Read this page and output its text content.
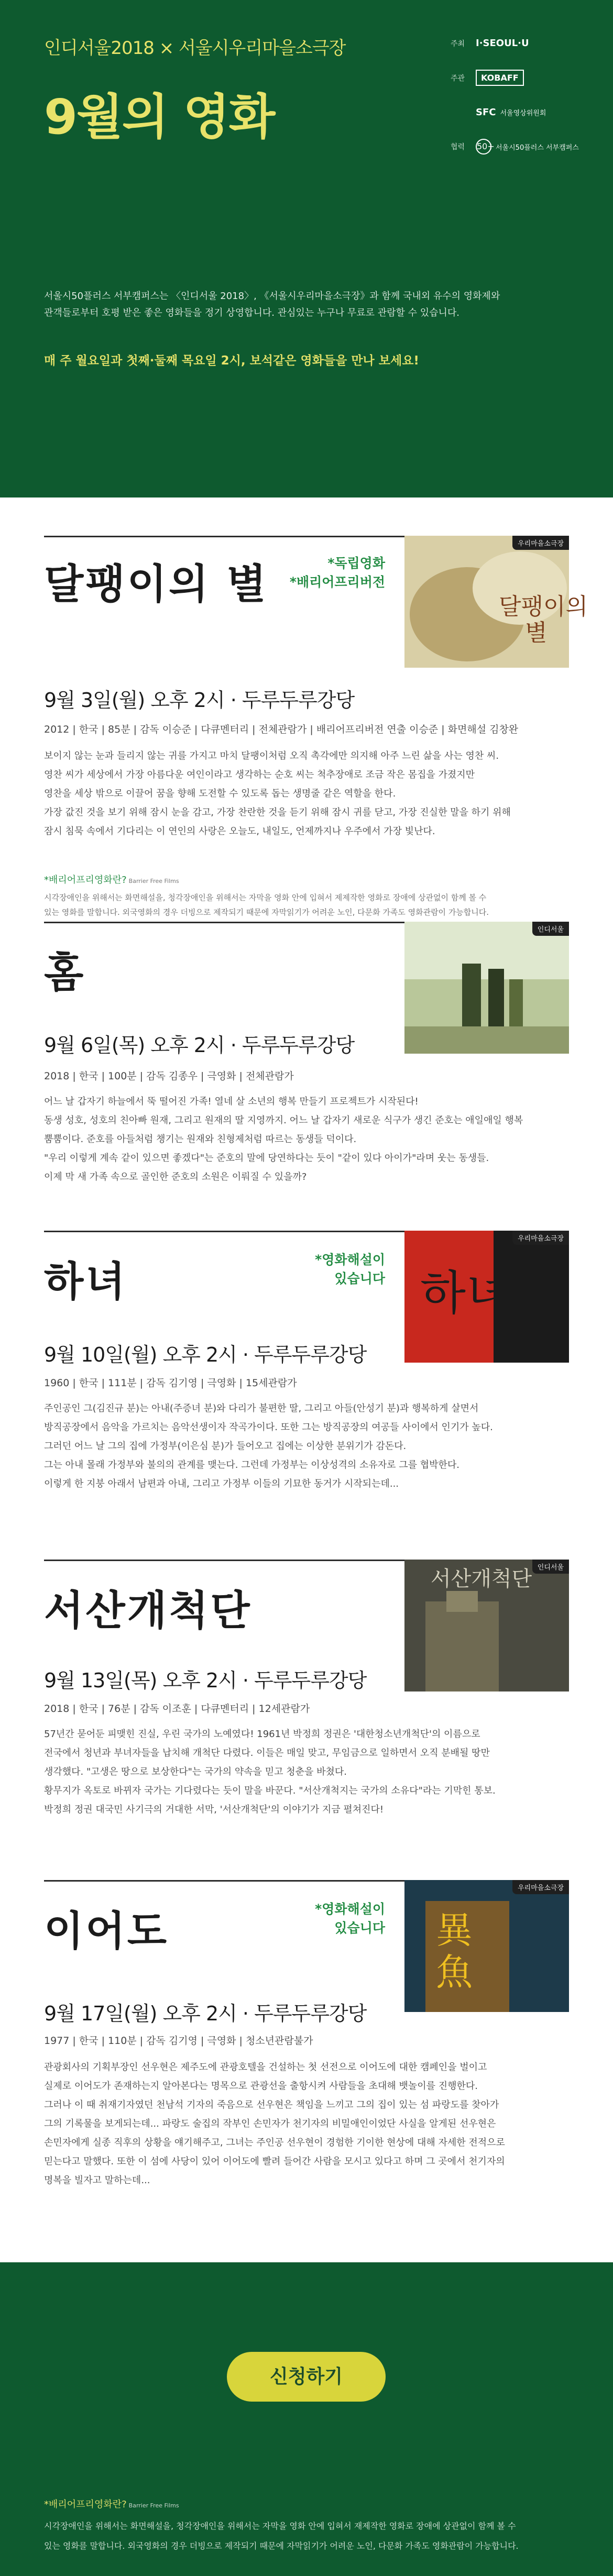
인디서울2018 × 서울시우리마을소극장
9월의 영화
주최	I·SEOUL·U
주관	KOBAFF
SFC 서울영상위원회
협력	50+ 서울시50플러스 서부캠퍼스
서울시50플러스 서부캠퍼스는 〈인디서울 2018〉, 《서울시우리마을소극장》과 함께 국내외 유수의 영화제와
관객들로부터 호평 받은 좋은 영화들을 정기 상영합니다. 관심있는 누구나 무료로 관람할 수 있습니다.
매 주 월요일과 첫째·둘째 목요일 2시, 보석같은 영화들을 만나 보세요!
달팽이의 별	*독립영화
*배리어프리버전
달팽이의
별
우리마을소극장
9월 3일(월) 오후 2시 · 두루두루강당
2012 | 한국 | 85분 | 감독 이승준 | 다큐멘터리 | 전체관람가 | 배리어프리버전 연출 이승준 | 화면해설 김창완
보이지 않는 눈과 들리지 않는 귀를 가지고 마치 달팽이처럼 오직 촉각에만 의지해 아주 느린 삶을 사는 영찬 씨.
영찬 씨가 세상에서 가장 아름다운 여인이라고 생각하는 순호 씨는 척추장애로 조금 작은 몸집을 가졌지만
영찬을 세상 밖으로 이끌어 꿈을 향해 도전할 수 있도록 돕는 생명줄 같은 역할을 한다.
가장 값진 것을 보기 위해 잠시 눈을 감고, 가장 찬란한 것을 듣기 위해 잠시 귀를 닫고, 가장 진실한 말을 하기 위해
잠시 침묵 속에서 기다리는 이 연인의 사랑은 오늘도, 내일도, 언제까지나 우주에서 가장 빛난다.
*배리어프리영화란? Barrier Free Films
시각장애인을 위해서는 화면해설을, 청각장애인을 위해서는 자막을 영화 안에 입혀서 제제작한 영화로 장애에 상관없이 함께 볼 수
있는 영화를 말합니다. 외국영화의 경우 더빙으로 제작되기 때문에 자막읽기가 어려운 노인, 다문화 가족도 영화관람이 가능합니다.
홈
인디서울
9월 6일(목) 오후 2시 · 두루두루강당
2018 | 한국 | 100분 | 감독 김종우 | 극영화 | 전체관람가
어느 날 갑자기 하늘에서 뚝 떨어진 가족! 열네 살 소년의 행복 만들기 프로젝트가 시작된다!
동생 성호, 성호의 친아빠 원재, 그리고 원재의 딸 지영까지. 어느 날 갑자기 새로운 식구가 생긴 준호는 애일애일 행복
뿜뿜이다. 준호를 아들처럼 챙기는 원재와 친형제처럼 따르는 동생들 덕이다.
"우리 이렇게 계속 같이 있으면 좋겠다"는 준호의 말에 당연하다는 듯이 "같이 있다 아이가"라며 웃는 동생들.
이제 막 새 가족 속으로 골인한 준호의 소원은 이뤄질 수 있을까?
하녀	*영화해설이
있습니다 하녀
우리마을소극장
9월 10일(월) 오후 2시 · 두루두루강당
1960 | 한국 | 111분 | 감독 김기영 | 극영화 | 15세관람가
주인공인 그(김진규 분)는 아내(주증녀 분)와 다리가 불편한 딸, 그리고 아들(안성기 분)과 행복하게 살면서
방직공장에서 음악을 가르치는 음악선생이자 작곡가이다. 또한 그는 방직공장의 여공들 사이에서 인기가 높다.
그러던 어느 날 그의 집에 가정부(이은심 분)가 들어오고 집에는 이상한 분위기가 감돈다.
그는 아내 몰래 가정부와 불의의 관계를 맺는다. 그런데 가정부는 이상성격의 소유자로 그를 협박한다.
이렇게 한 지붕 아래서 남편과 아내, 그리고 가정부 이들의 기묘한 동거가 시작되는데...
서산개척단
서산개척단 인디서울
9월 13일(목) 오후 2시 · 두루두루강당
2018 | 한국 | 76분 | 감독 이조훈 | 다큐멘터리 | 12세관람가
57년간 묻어둔 피맺힌 진실, 우린 국가의 노예였다! 1961년 박정희 정권은 '대한청소년개척단'의 이름으로
전국에서 청년과 부녀자들을 납치해 개척단 다렸다. 이들은 매일 맞고, 무임금으로 일하면서 오직 분배될 땅만
생각했다. "고생은 땅으로 보상한다"는 국가의 약속을 믿고 청춘을 바쳤다.
황무지가 옥토로 바뀌자 국가는 기다렸다는 듯이 말을 바꾼다. "서산개척지는 국가의 소유다"라는 기막힌 통보.
박정희 정권 대국민 사기극의 거대한 서막, '서산개척단'의 이야기가 지금 펼쳐진다!
이어도	*영화해설이
있습니다 異
魚
우리마을소극장
9월 17일(월) 오후 2시 · 두루두루강당
1977 | 한국 | 110분 | 감독 김기영 | 극영화 | 청소년관람불가
관광회사의 기획부장인 선우현은 제주도에 관광호텔을 건설하는 첫 선전으로 이어도에 대한 캠페인을 벌이고
실제로 이어도가 존재하는지 알아본다는 명목으로 관광선을 출항시켜 사람들을 초대해 뱃놀이를 진행한다.
그러나 이 때 취재기자였던 천남석 기자의 죽음으로 선우현은 책임을 느끼고 그의 집이 있는 섬 파랑도를 찾아가
그의 기록물을 보게되는데... 파랑도 술집의 작부인 손민자가 천기자의 비밀애인이었단 사실을 알게된 선우현은
손민자에게 실종 직후의 상황을 얘기해주고, 그녀는 주인공 선우현이 경험한 기이한 현상에 대해 자세한 전적으로
믿는다고 말했다. 또한 이 섬에 사당이 있어 이어도에 빨려 들어간 사람을 모시고 있다고 하며 그 곳에서 천기자의
명복을 빌자고 말하는데...
신청하기
*배리어프리영화란? Barrier Free Films
시각장애인을 위해서는 화면해설을, 청각장애인을 위해서는 자막을 영화 안에 입혀서 재제작한 영화로 장애에 상관없이 함께 볼 수
있는 영화를 말합니다. 외국영화의 경우 더빙으로 제작되기 때문에 자막읽기가 어려운 노인, 다문화 가족도 영화관람이 가능합니다.
